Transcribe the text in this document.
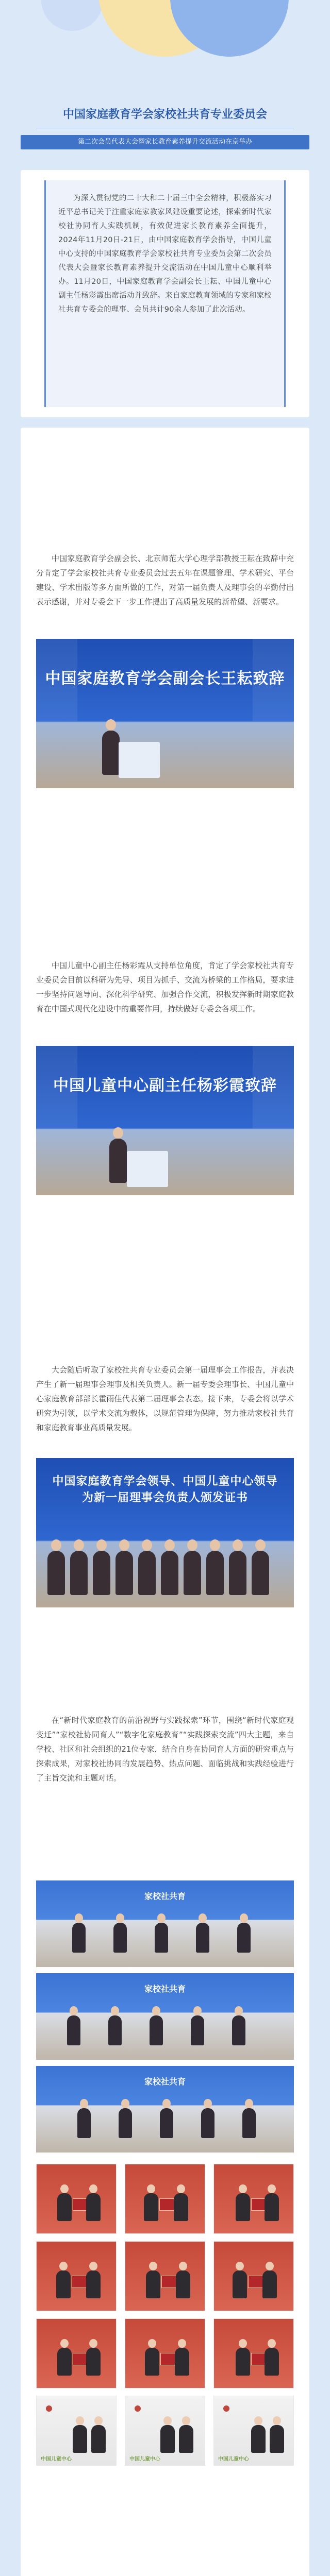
中国家庭教育学会家校社共育专业委员会
第二次会员代表大会暨家长教育素养提升交流活动在京举办

为深入贯彻党的二十大和二十届三中全会精神，积极落实习近平总书记关于注重家庭家教家风建设重要论述，探索新时代家校社协同育人实践机制，有效促进家长教育素养全面提升，2024年11月20日-21日，由中国家庭教育学会指导，中国儿童中心支持的中国家庭教育学会家校社共育专业委员会第二次会员代表大会暨家长教育素养提升交流活动在中国儿童中心顺利举办。11月20日，中国家庭教育学会副会长王耘、中国儿童中心副主任杨彩霞出席活动并致辞。来自家庭教育领域的专家和家校社共育专委会的理事、会员共计90余人参加了此次活动。

中国家庭教育学会副会长、北京师范大学心理学部教授王耘在致辞中充分肯定了学会家校社共育专业委员会过去五年在课题管理、学术研究、平台建设、学术出版等多方面所做的工作，对第一届负责人及理事会的辛勤付出表示感谢，并对专委会下一步工作提出了高质量发展的新希望、新要求。

中国家庭教育学会副会长王耘致辞

中国儿童中心副主任杨彩霞从支持单位角度，肯定了学会家校社共育专业委员会目前以科研为先导、项目为抓手、交流为桥梁的工作格局，要求进一步坚持问题导向、深化科学研究、加强合作交流，积极发挥新时期家庭教育在中国式现代化建设中的重要作用，持续做好专委会各项工作。

中国儿童中心副主任杨彩霞致辞

大会随后听取了家校社共育专业委员会第一届理事会工作报告，并表决产生了新一届理事会理事及相关负责人。新一届专委会理事长、中国儿童中心家庭教育部部长霍雨佳代表第二届理事会表态。接下来，专委会将以学术研究为引领，以学术交流为载体，以规范管理为保障，努力推动家校社共育和家庭教育事业高质量发展。

中国家庭教育学会领导、中国儿童中心领导
为新一届理事会负责人颁发证书

在“新时代家庭教育的前沿视野与实践探索”环节，围绕“新时代家庭观变迁”“家校社协同育人”“数字化家庭教育”“实践探索交流”四大主题，来自学校、社区和社会组织的21位专家，结合自身在协同育人方面的研究重点与探索成果，对家校社协同的发展趋势、热点问题、面临挑战和实践经验进行了主旨交流和主题对话。

家校社共育
家校社共育
家校社共育
中国儿童中心	中国儿童中心	中国儿童中心
